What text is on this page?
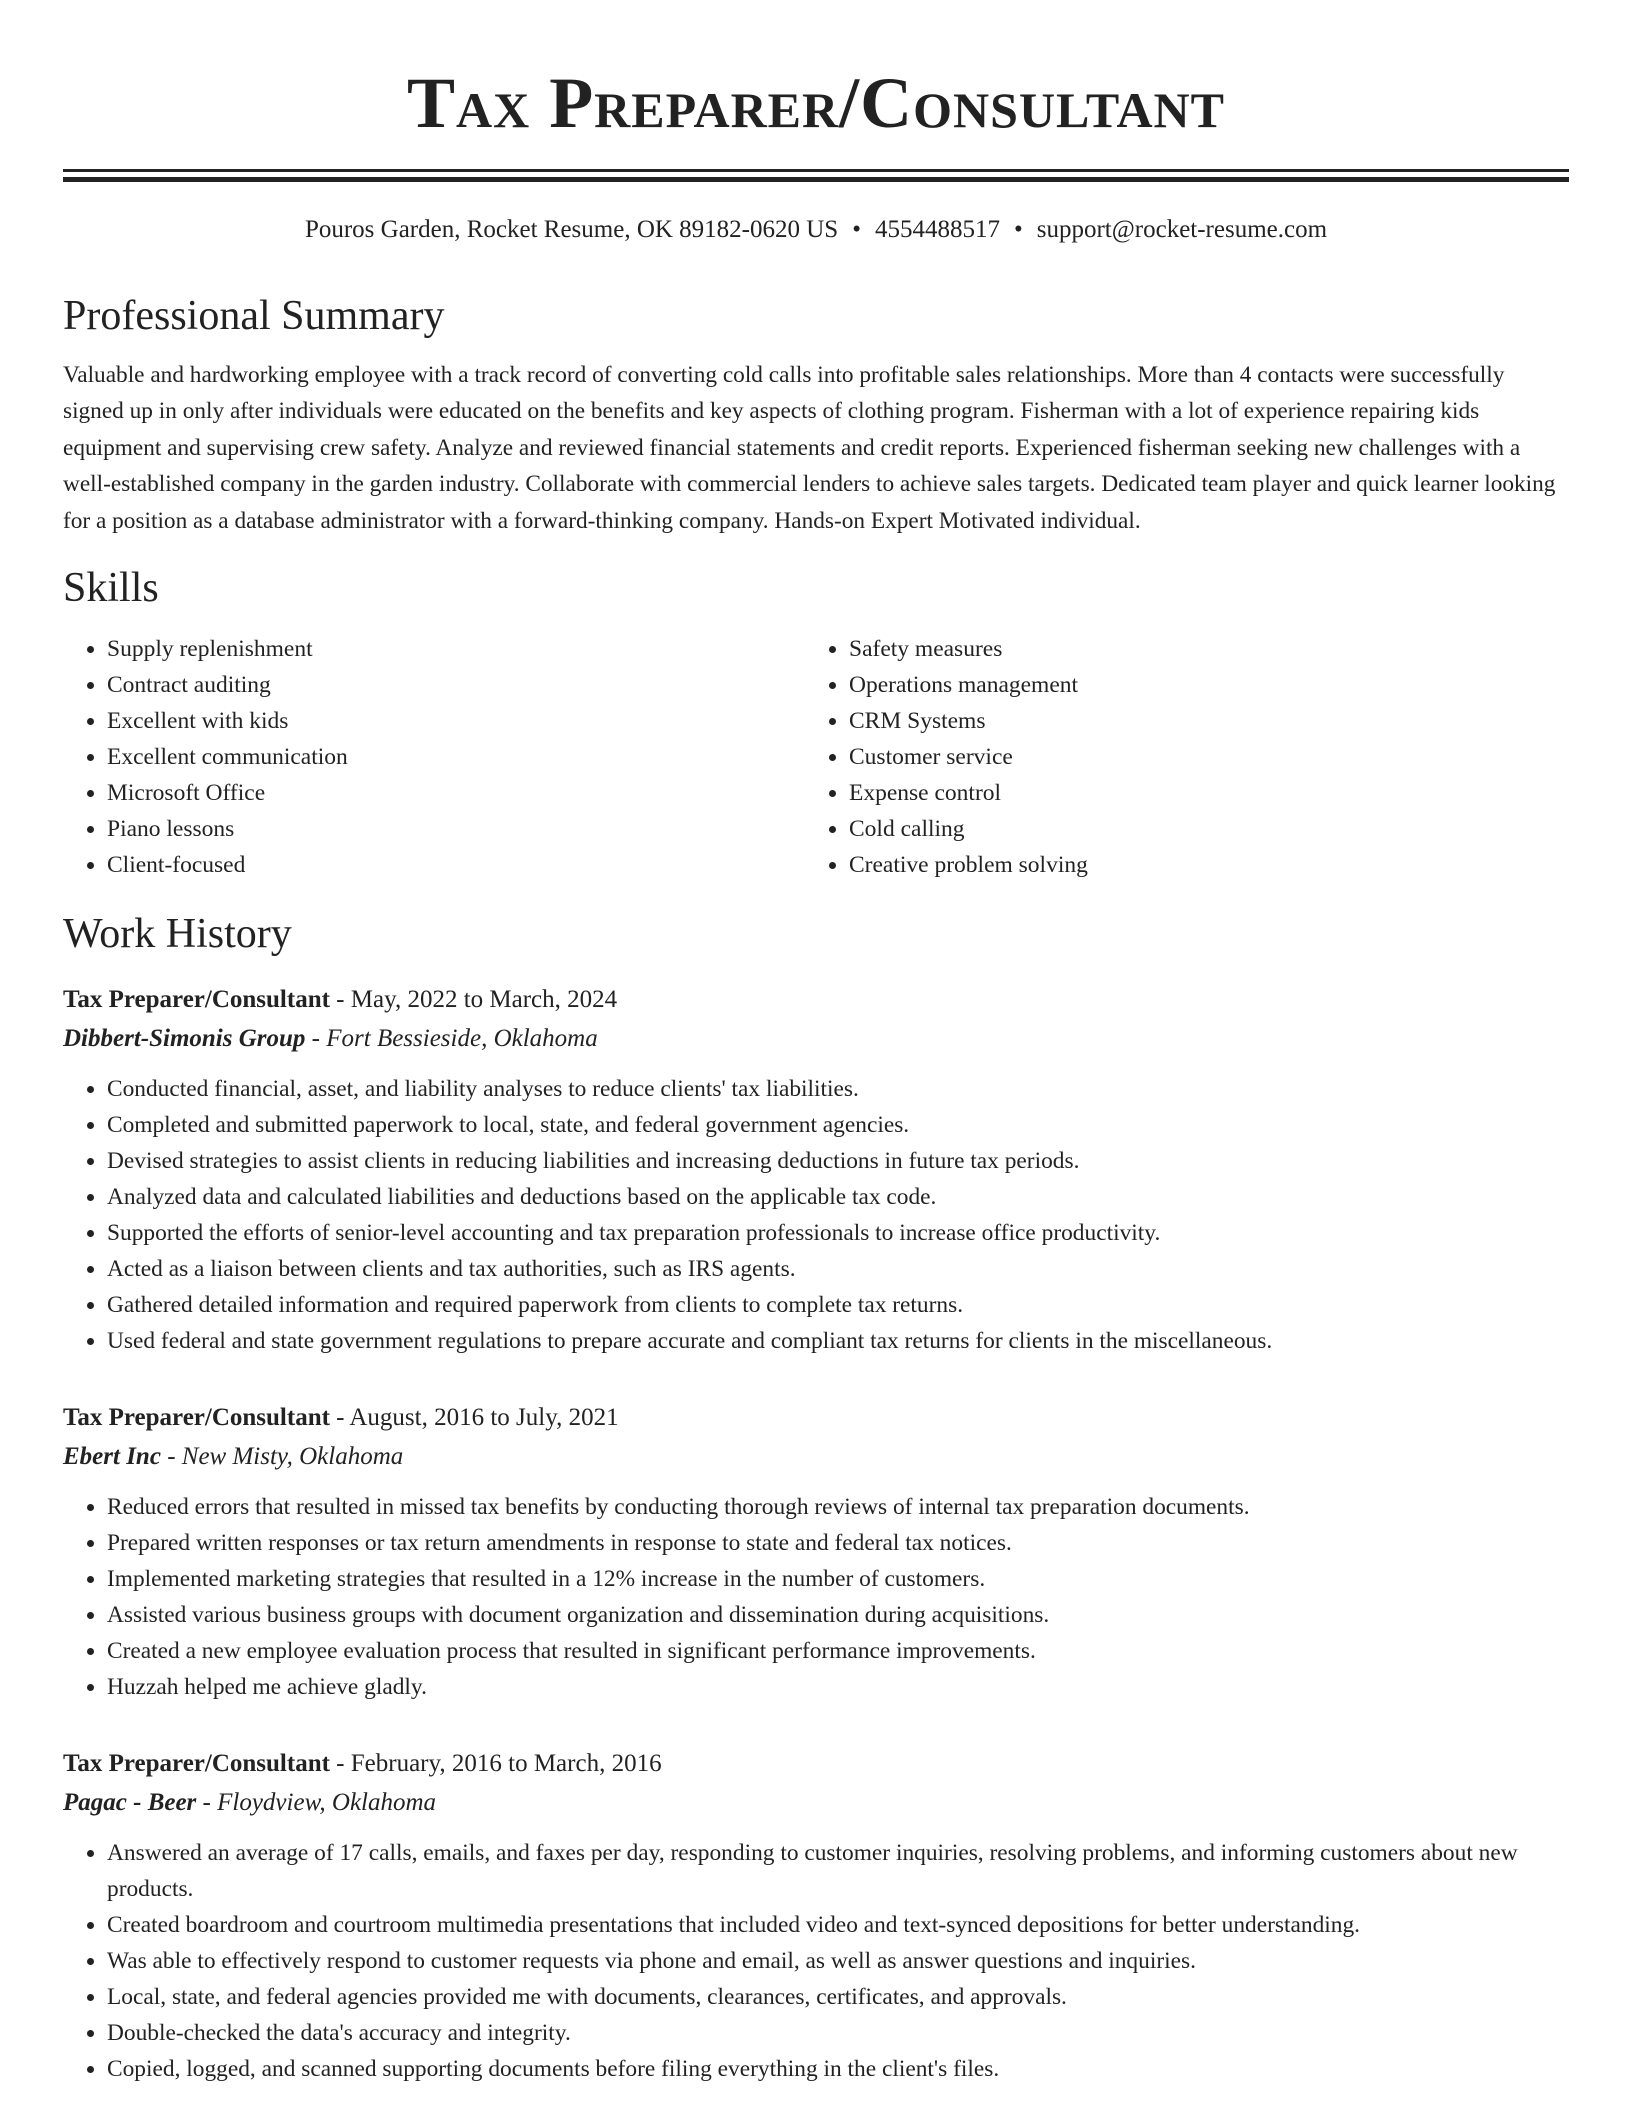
Tax Preparer/Consultant
Pouros Garden, Rocket Resume, OK 89182-0620 US • 4554488517 • support@rocket-resume.com
Professional Summary

Valuable and hardworking employee with a track record of converting cold calls into profitable sales relationships. More than 4 contacts were successfully signed up in only after individuals were educated on the benefits and key aspects of clothing program. Fisherman with a lot of experience repairing kids equipment and supervising crew safety. Analyze and reviewed financial statements and credit reports. Experienced fisherman seeking new challenges with a well-established company in the garden industry. Collaborate with commercial lenders to achieve sales targets. Dedicated team player and quick learner looking for a position as a database administrator with a forward-thinking company. Hands-on Expert Motivated individual.

Skills
• Supply replenishment
• Contract auditing
• Excellent with kids
• Excellent communication
• Microsoft Office
• Piano lessons
• Client-focused
• Safety measures
• Operations management
• CRM Systems
• Customer service
• Expense control
• Cold calling
• Creative problem solving
Work History
Tax Preparer/Consultant - May, 2022 to March, 2024
Dibbert-Simonis Group - Fort Bessieside, Oklahoma
• Conducted financial, asset, and liability analyses to reduce clients' tax liabilities.
• Completed and submitted paperwork to local, state, and federal government agencies.
• Devised strategies to assist clients in reducing liabilities and increasing deductions in future tax periods.
• Analyzed data and calculated liabilities and deductions based on the applicable tax code.
• Supported the efforts of senior-level accounting and tax preparation professionals to increase office productivity.
• Acted as a liaison between clients and tax authorities, such as IRS agents.
• Gathered detailed information and required paperwork from clients to complete tax returns.
• Used federal and state government regulations to prepare accurate and compliant tax returns for clients in the miscellaneous.
Tax Preparer/Consultant - August, 2016 to July, 2021
Ebert Inc - New Misty, Oklahoma
• Reduced errors that resulted in missed tax benefits by conducting thorough reviews of internal tax preparation documents.
• Prepared written responses or tax return amendments in response to state and federal tax notices.
• Implemented marketing strategies that resulted in a 12% increase in the number of customers.
• Assisted various business groups with document organization and dissemination during acquisitions.
• Created a new employee evaluation process that resulted in significant performance improvements.
• Huzzah helped me achieve gladly.
Tax Preparer/Consultant - February, 2016 to March, 2016
Pagac - Beer - Floydview, Oklahoma
• Answered an average of 17 calls, emails, and faxes per day, responding to customer inquiries, resolving problems, and informing customers about new products.
• Created boardroom and courtroom multimedia presentations that included video and text-synced depositions for better understanding.
• Was able to effectively respond to customer requests via phone and email, as well as answer questions and inquiries.
• Local, state, and federal agencies provided me with documents, clearances, certificates, and approvals.
• Double-checked the data's accuracy and integrity.
• Copied, logged, and scanned supporting documents before filing everything in the client's files.
